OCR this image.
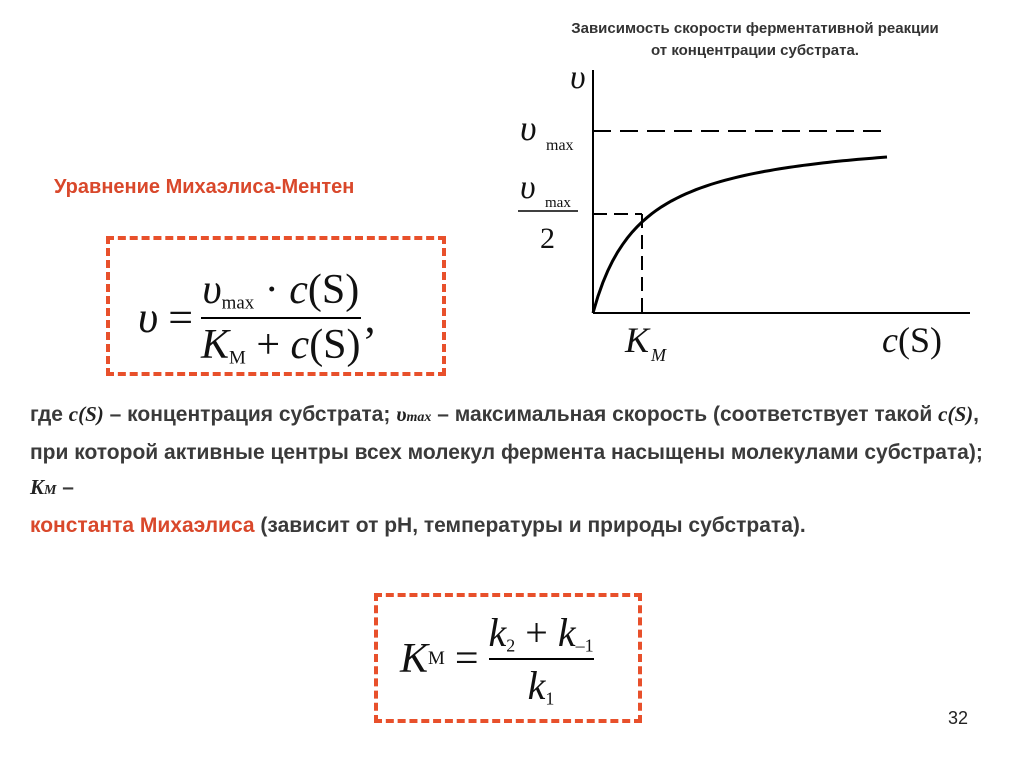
Зависимость скорости ферментативной реакции
от концентрации субстрата.
υ
υ max
υ max
2
K M	c(S)
Уравнение Михаэлиса-Ментен
$\upsilon = \frac{\upsilon_{max} \cdot c(S)}{K_M + c(S)}$ ,
где c(S) – концентрация субстрата; υmax – максимальная скорость (соответствует такой c(S), при которой активные центры всех молекул фермента насыщены молекулами субстрата); KM –
константа Михаэлиса (зависит от рН, температуры и природы субстрата).
K $M = \frac{k_2 + k_{-1}}{k_1}$
32
